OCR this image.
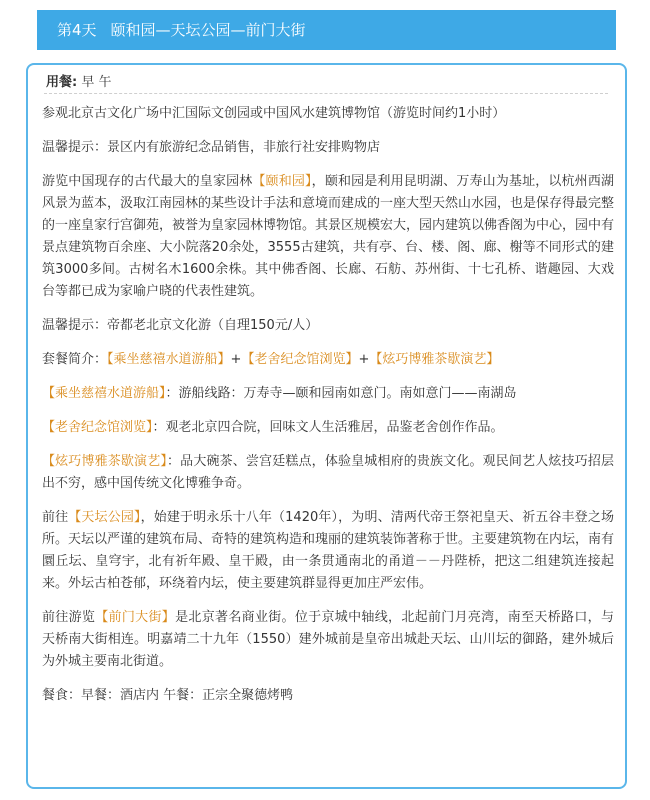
第4天 颐和园—天坛公园—前门大街
用餐: 早 午

参观北京古文化广场中汇国际文创园或中国风水建筑博物馆（游览时间约1小时）

温馨提示：景区内有旅游纪念品销售，非旅行社安排购物店

游览中国现存的古代最大的皇家园林【颐和园】，颐和园是利用昆明湖、万寿山为基址，以杭州西湖风景为蓝本，汲取江南园林的某些设计手法和意境而建成的一座大型天然山水园，也是保存得最完整的一座皇家行宫御苑，被誉为皇家园林博物馆。其景区规模宏大，园内建筑以佛香阁为中心，园中有景点建筑物百余座、大小院落20余处，3555古建筑，共有亭、台、楼、阁、廊、榭等不同形式的建筑3000多间。古树名木1600余株。其中佛香阁、长廊、石舫、苏州街、十七孔桥、谐趣园、大戏台等都已成为家喻户晓的代表性建筑。

温馨提示：帝都老北京文化游（自理150元/人）

套餐简介：【乘坐慈禧水道游船】+【老舍纪念馆浏览】+【炫巧博雅茶歇演艺】

【乘坐慈禧水道游船】：游船线路：万寿寺—颐和园南如意门。南如意门——南湖岛

【老舍纪念馆浏览】：观老北京四合院，回味文人生活雅居，品鉴老舍创作作品。

【炫巧博雅茶歇演艺】：品大碗茶、尝宫廷糕点，体验皇城相府的贵族文化。观民间艺人炫技巧招层出不穷，感中国传统文化博雅争奇。

前往【天坛公园】，始建于明永乐十八年（1420年），为明、清两代帝王祭祀皇天、祈五谷丰登之场所。天坛以严谨的建筑布局、奇特的建筑构造和瑰丽的建筑装饰著称于世。主要建筑物在内坛，南有圜丘坛、皇穹宇，北有祈年殿、皇干殿，由一条贯通南北的甬道－－丹陛桥，把这二组建筑连接起来。外坛古柏苍郁，环绕着内坛，使主要建筑群显得更加庄严宏伟。

前往游览【前门大街】是北京著名商业街。位于京城中轴线，北起前门月亮湾，南至天桥路口，与天桥南大街相连。明嘉靖二十九年（1550）建外城前是皇帝出城赴天坛、山川坛的御路，建外城后为外城主要南北街道。

餐食：早餐：酒店内 午餐：正宗全聚德烤鸭
